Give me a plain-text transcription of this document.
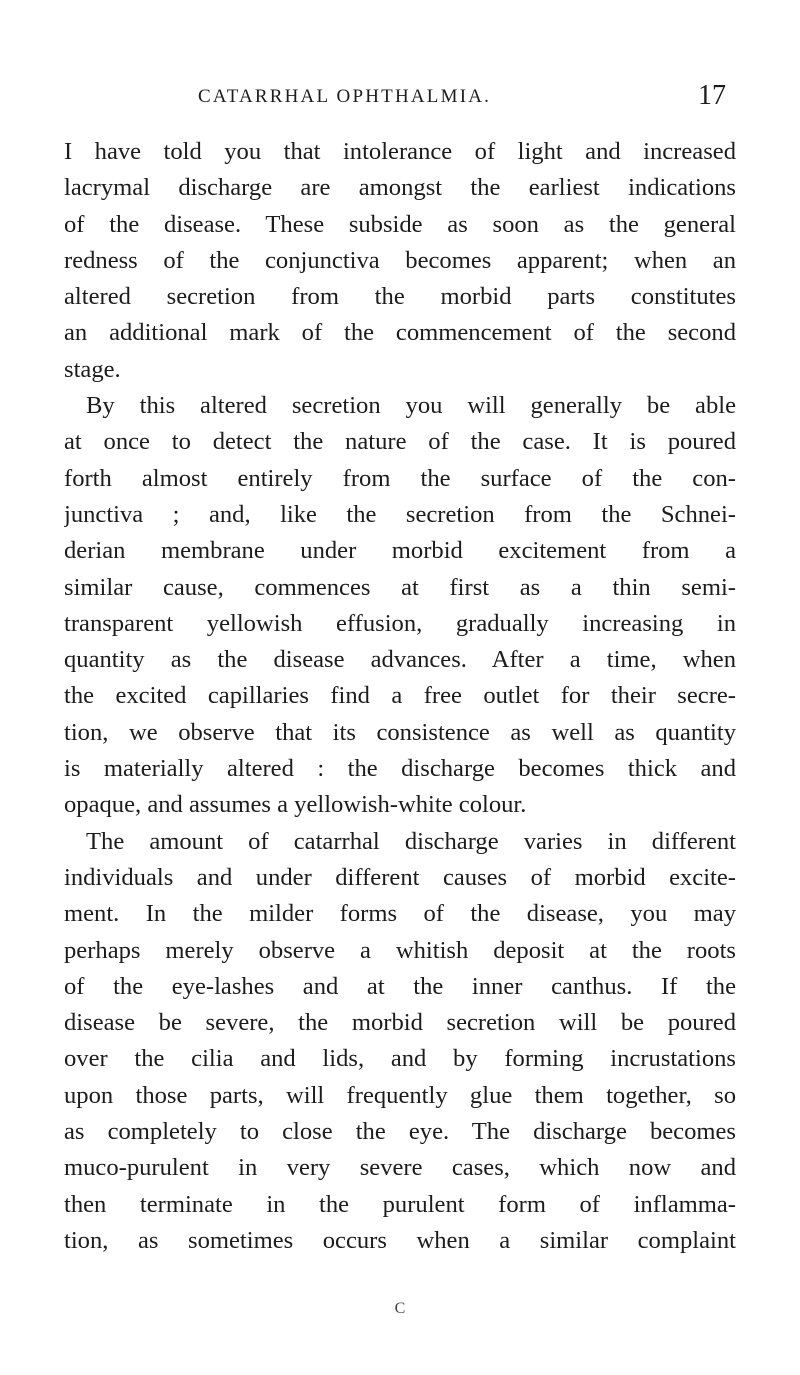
CATARRHAL OPHTHALMIA.	17
I have told you that intolerance of light and increased
lacrymal discharge are amongst the earliest indications
of the disease. These subside as soon as the general
redness of the conjunctiva becomes apparent; when an
altered secretion from the morbid parts constitutes
an additional mark of the commencement of the second
stage.
By this altered secretion you will generally be able
at once to detect the nature of the case. It is poured
forth almost entirely from the surface of the con-
junctiva ; and, like the secretion from the Schnei-
derian membrane under morbid excitement from a
similar cause, commences at first as a thin semi-
transparent yellowish effusion, gradually increasing in
quantity as the disease advances. After a time, when
the excited capillaries find a free outlet for their secre-
tion, we observe that its consistence as well as quantity
is materially altered : the discharge becomes thick and
opaque, and assumes a yellowish-white colour.
The amount of catarrhal discharge varies in different
individuals and under different causes of morbid excite-
ment. In the milder forms of the disease, you may
perhaps merely observe a whitish deposit at the roots
of the eye-lashes and at the inner canthus. If the
disease be severe, the morbid secretion will be poured
over the cilia and lids, and by forming incrustations
upon those parts, will frequently glue them together, so
as completely to close the eye. The discharge becomes
muco-purulent in very severe cases, which now and
then terminate in the purulent form of inflamma-
tion, as sometimes occurs when a similar complaint
C
